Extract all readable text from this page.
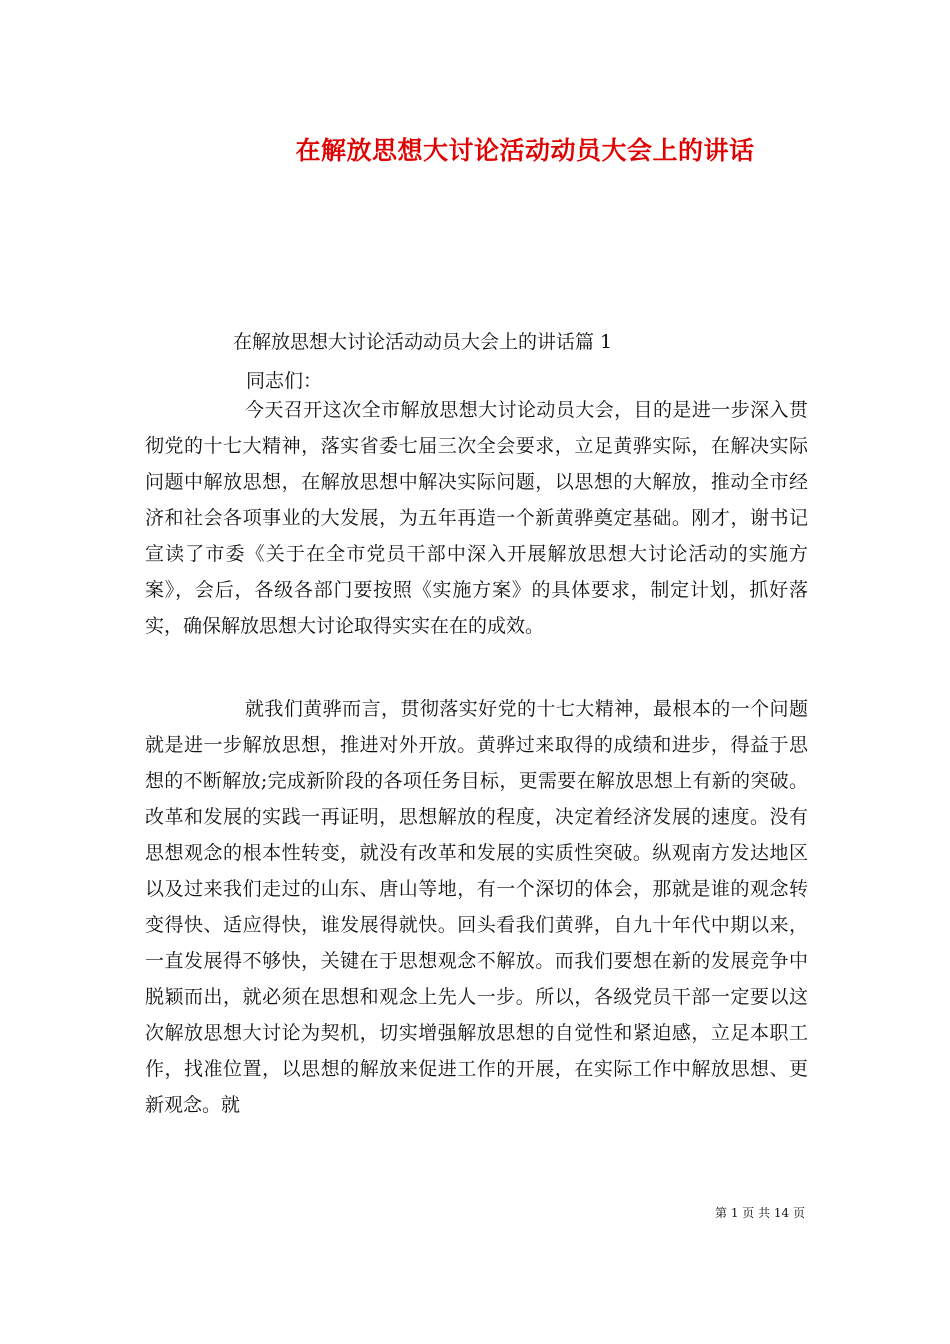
在解放思想大讨论活动动员大会上的讲话

在解放思想大讨论活动动员大会上的讲话篇 1

同志们：

今天召开这次全市解放思想大讨论动员大会，目的是进一步深入贯彻党的十七大精神，落实省委七届三次全会要求，立足黄骅实际，在解决实际问题中解放思想，在解放思想中解决实际问题，以思想的大解放，推动全市经济和社会各项事业的大发展，为五年再造一个新黄骅奠定基础。刚才，谢书记宣读了市委《关于在全市党员干部中深入开展解放思想大讨论活动的实施方案》，会后，各级各部门要按照《实施方案》的具体要求，制定计划，抓好落实，确保解放思想大讨论取得实实在在的成效。

就我们黄骅而言，贯彻落实好党的十七大精神，最根本的一个问题就是进一步解放思想，推进对外开放。黄骅过来取得的成绩和进步，得益于思想的不断解放;完成新阶段的各项任务目标，更需要在解放思想上有新的突破。改革和发展的实践一再证明，思想解放的程度，决定着经济发展的速度。没有思想观念的根本性转变，就没有改革和发展的实质性突破。纵观南方发达地区以及过来我们走过的山东、唐山等地，有一个深切的体会，那就是谁的观念转变得快、适应得快，谁发展得就快。回头看我们黄骅，自九十年代中期以来，一直发展得不够快，关键在于思想观念不解放。而我们要想在新的发展竞争中脱颖而出，就必须在思想和观念上先人一步。所以，各级党员干部一定要以这次解放思想大讨论为契机，切实增强解放思想的自觉性和紧迫感，立足本职工作，找准位置，以思想的解放来促进工作的开展，在实际工作中解放思想、更新观念。就

第 1 页 共 14 页
